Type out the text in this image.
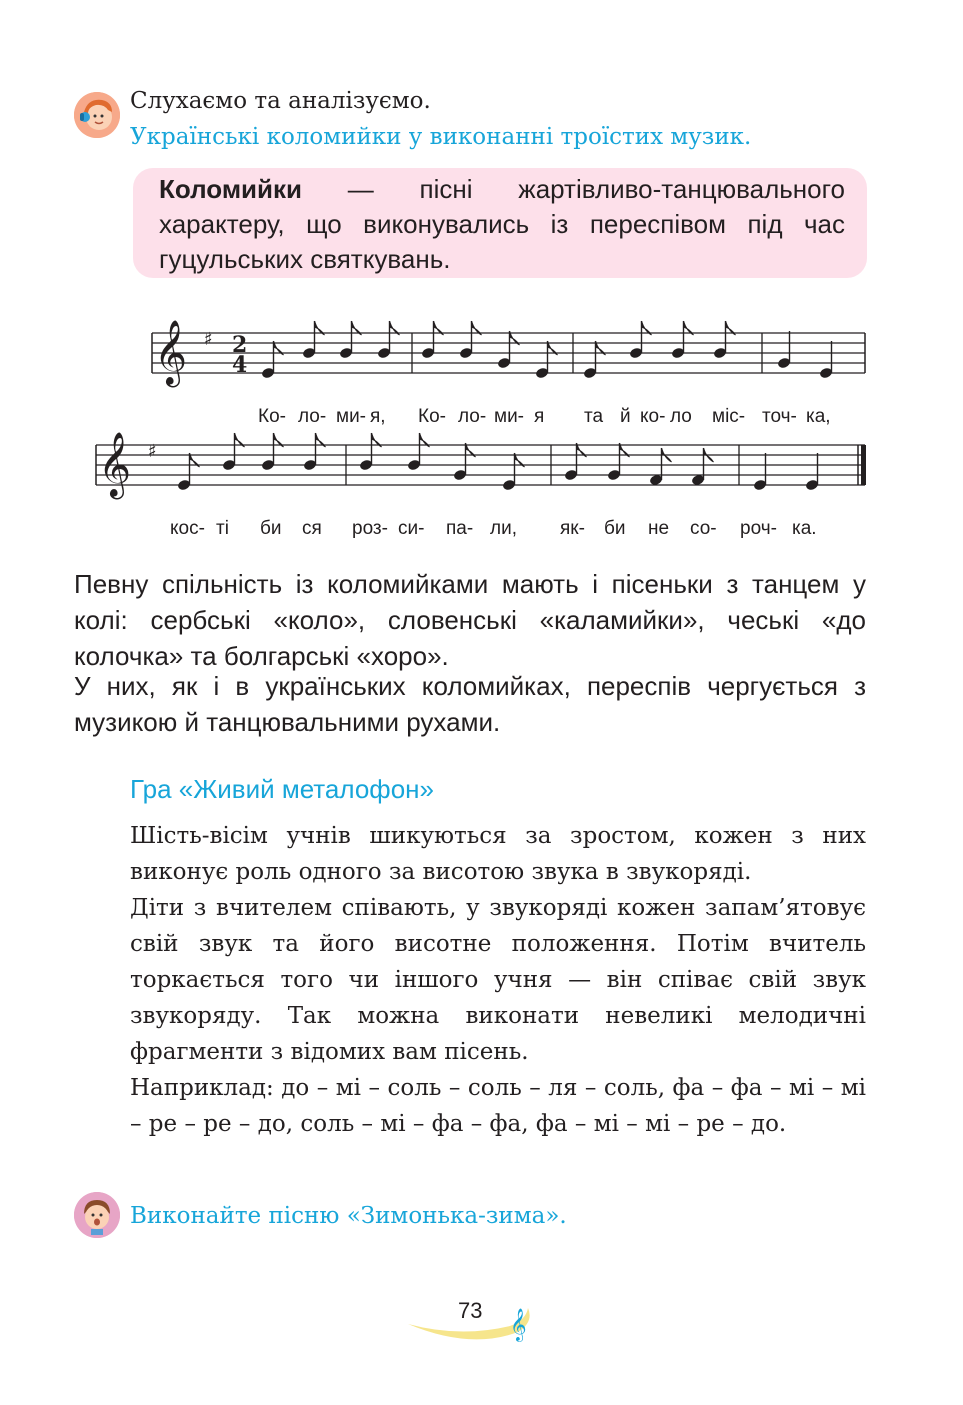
Слухаємо та аналізуємо.
Українські коломийки у виконанні троїстих музик.
Коломийки — пісні жартівливо-танцювального характеру, що виконувались із переспівом під час гуцульських святкувань.
𝄞 ♯
𝄞 ♯
2
4
Ко- ло- ми- я, Ко- ло- ми- я та й ко- ло міс- точ- ка,
кос- ті би ся роз- си- па- ли, як- би не со- роч- ка.
Певну спільність із коломийками мають і пісеньки з танцем у колі: сербські «коло», словенські «каламийки», чеські «до колочка» та болгарські «хоро».
У них, як і в українських коломийках, переспів чергується з музикою й танцювальними рухами.
Гра «Живий металофон»
Шість-вісім учнів шикуються за зростом, кожен з них виконує роль одного за висотою звука в звукоряді.
Діти з вчителем співають, у звукоряді кожен запам’ятовує свій звук та його висотне положення. Потім вчитель торкається того чи іншого учня — він співає свій звук звукоряду. Так можна виконати невеликі мелодичні фрагменти з відомих вам пісень.
Наприклад: до – мі – соль – соль – ля – соль, фа – фа – мі – мі – ре – ре – до, соль – мі – фа – фа, фа – мі – мі – ре – до.
Виконайте пісню «Зимонька-зима».
𝄞
73
